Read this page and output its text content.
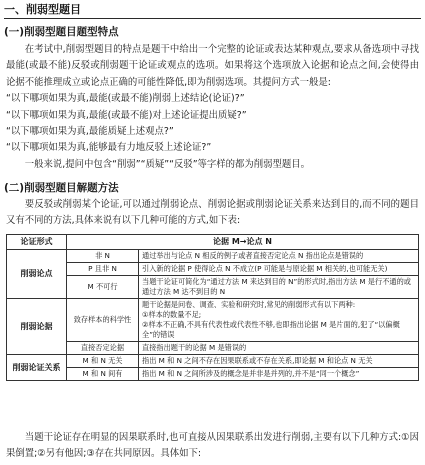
一、削弱型题目
(一)削弱型题目题型特点

在考试中,削弱型题目的特点是题干中给出一个完整的论证或表达某种观点,要求从备选项中寻找最能(或最不能)反驳或削弱题干论证或观点的选项。如果将这个选项放入论据和论点之间,会使得由论据不能推理成立或论点正确的可能性降低,即为削弱选项。其提问方式一般是:

“以下哪项如果为真,最能(或最不能)削弱上述结论(论证)?”

“以下哪项如果为真,最能(或最不能)对上述论证提出质疑?”

“以下哪项如果为真,最能质疑上述观点?”

“以下哪项如果为真,能够最有力地反驳上述论证?”

一般来说,提问中包含“削弱”“质疑”“反驳”等字样的都为削弱型题目。

(二)削弱型题目解题方法

要反驳或削弱某个论证,可以通过削弱论点、削弱论据或削弱论证关系来达到目的,而不同的题目又有不同的方法,具体来说有以下几种可能的方式,如下表:

论证形式	论据 M→论点 N	
削弱论点	非 N	通过举出与论点 N 相反的例子或者直接否定论点 N 指出论点是错误的
	P 且非 N	引入新的论据 P 使得论点 N 不成立(P 可能是与原论据 M 相关的,也可能无关)
	M 不可行	当题干论证可简化为“通过方法 M 来达到目的 N”的形式时,指出方法 M 是行不通的或通过方法 M 达不到目的 N
削弱论据	致存样本的科学性	题干论据是问卷、调查、实验和研究时,常见的削弱形式有以下两种:
①样本的数量不足;
②样本不正确,不具有代表性或代表性不够,也即指出论据 M 是片面的,犯了“以偏概全”的错误
	直接否定论据	直接指出题干的论据 M 是错误的
削弱论证关系	M 和 N 无关	指出 M 和 N 之间不存在因果联系或不存在关系,即论据 M 和论点 N 无关
	M 和 N 间有	指出 M 和 N 之间所涉及的概念是并非是并列的,并不是“同一个概念”

当题干论证存在明显的因果联系时,也可直接从因果联系出发进行削弱,主要有以下几种方式:①因果倒置;②另有他因;③存在共同原因。具体如下:
